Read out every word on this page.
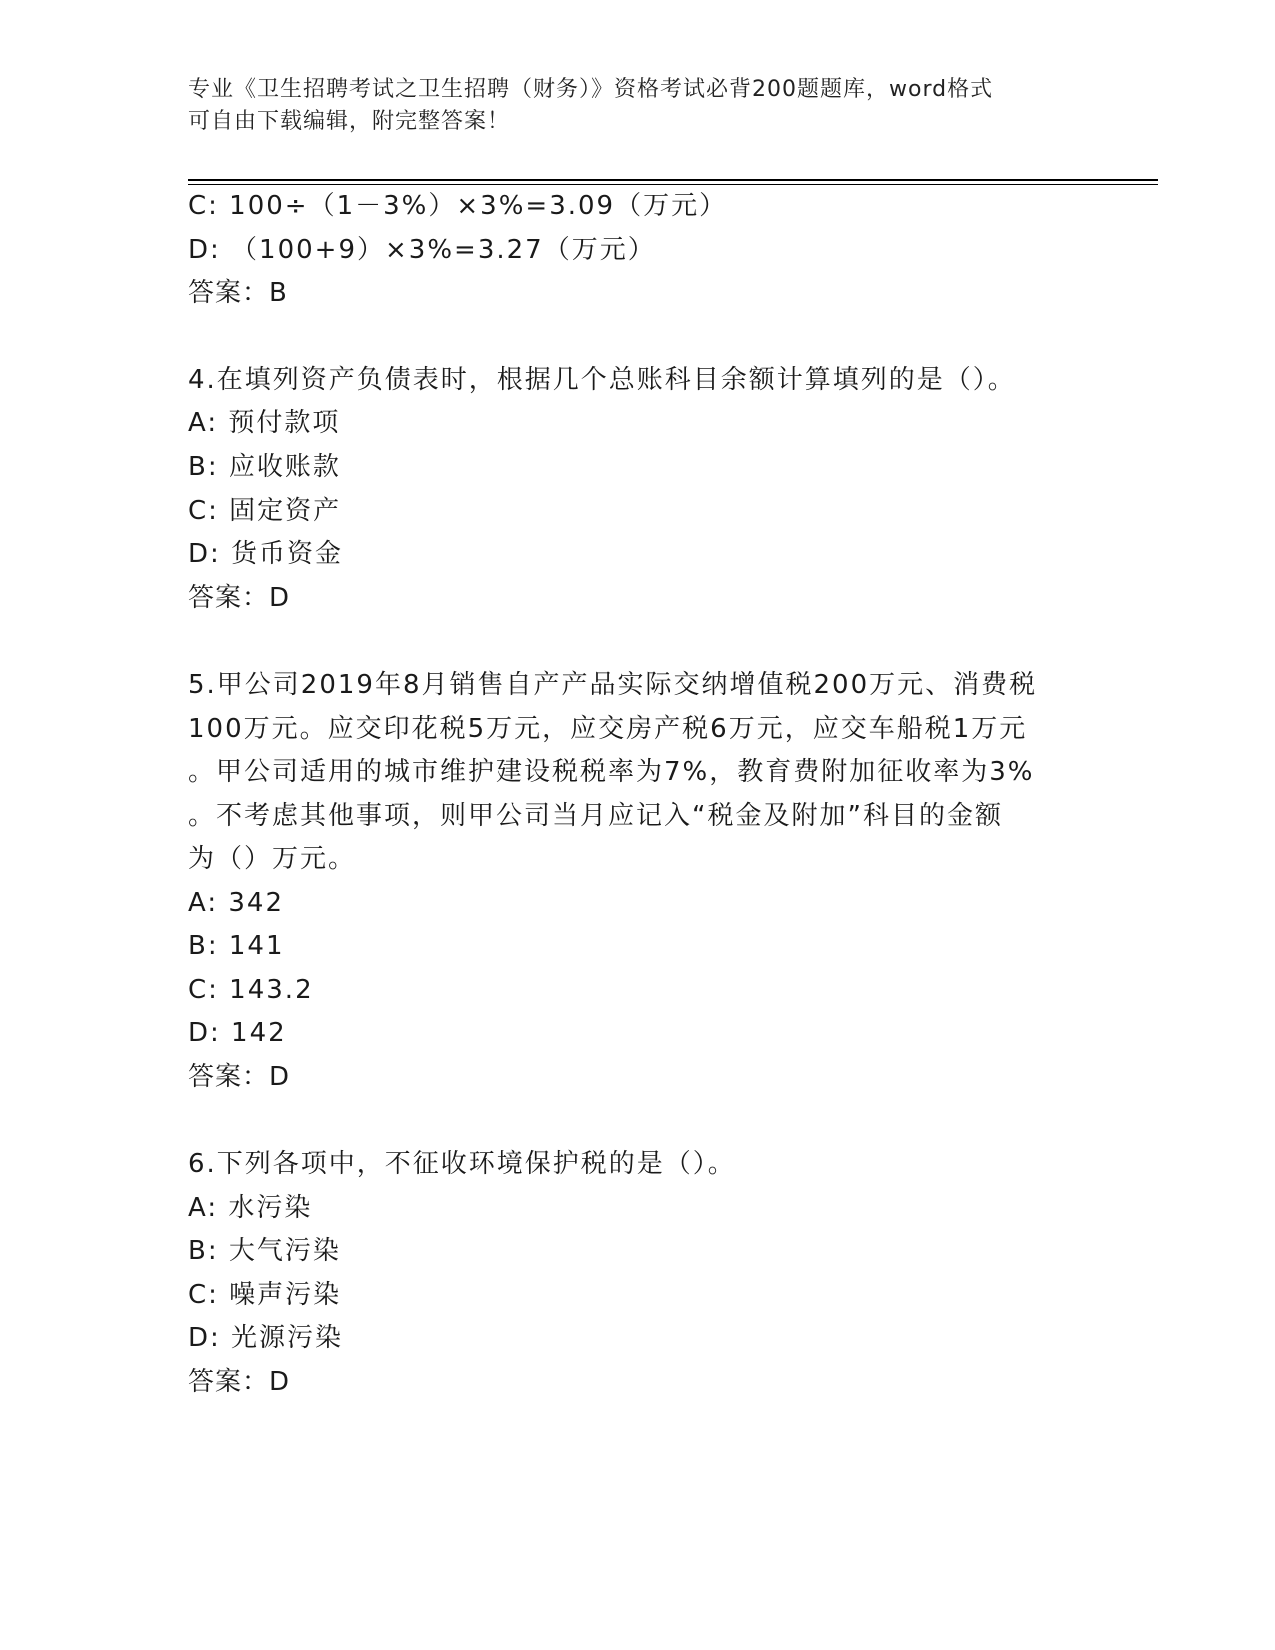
专业《卫生招聘考试之卫生招聘（财务）》资格考试必背200题题库，word格式
可自由下载编辑，附完整答案！
C: 100÷（1－3%）×3%=3.09（万元）
D: （100+9）×3%=3.27（万元）
答案：B
4.在填列资产负债表时，根据几个总账科目余额计算填列的是（）。
A: 预付款项
B: 应收账款
C: 固定资产
D: 货币资金
答案：D
5.甲公司2019年8月销售自产产品实际交纳增值税200万元、消费税
100万元。应交印花税5万元，应交房产税6万元，应交车船税1万元
。甲公司适用的城市维护建设税税率为7%，教育费附加征收率为3%
。不考虑其他事项，则甲公司当月应记入“税金及附加”科目的金额
为（）万元。
A: 342
B: 141
C: 143.2
D: 142
答案：D
6.下列各项中，不征收环境保护税的是（）。
A: 水污染
B: 大气污染
C: 噪声污染
D: 光源污染
答案：D
